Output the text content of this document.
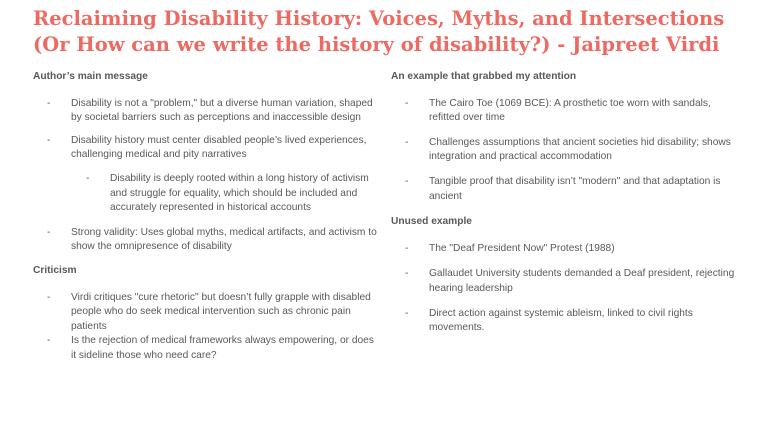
Reclaiming Disability History: Voices, Myths, and Intersections
(Or How can we write the history of disability?) - Jaipreet Virdi

Author’s main message

-	Disability is not a "problem," but a diverse human variation, shaped by societal barriers such as perceptions and inaccessible design
-	Disability history must center disabled people’s lived experiences, challenging medical and pity narratives
-	Disability is deeply rooted within a long history of activism and struggle for equality, which should be included and accurately represented in historical accounts
-	Strong validity: Uses global myths, medical artifacts, and activism to show the omnipresence of disability

Criticism

-	Virdi critiques "cure rhetoric" but doesn’t fully grapple with disabled people who do seek medical intervention such as chronic pain patients
-	Is the rejection of medical frameworks always empowering, or does it sideline those who need care?

An example that grabbed my attention

-	The Cairo Toe (1069 BCE): A prosthetic toe worn with sandals, refitted over time
-	Challenges assumptions that ancient societies hid disability; shows integration and practical accommodation
-	Tangible proof that disability isn’t "modern" and that adaptation is ancient

Unused example

-	The "Deaf President Now" Protest (1988)
-	Gallaudet University students demanded a Deaf president, rejecting hearing leadership
-	Direct action against systemic ableism, linked to civil rights movements.
